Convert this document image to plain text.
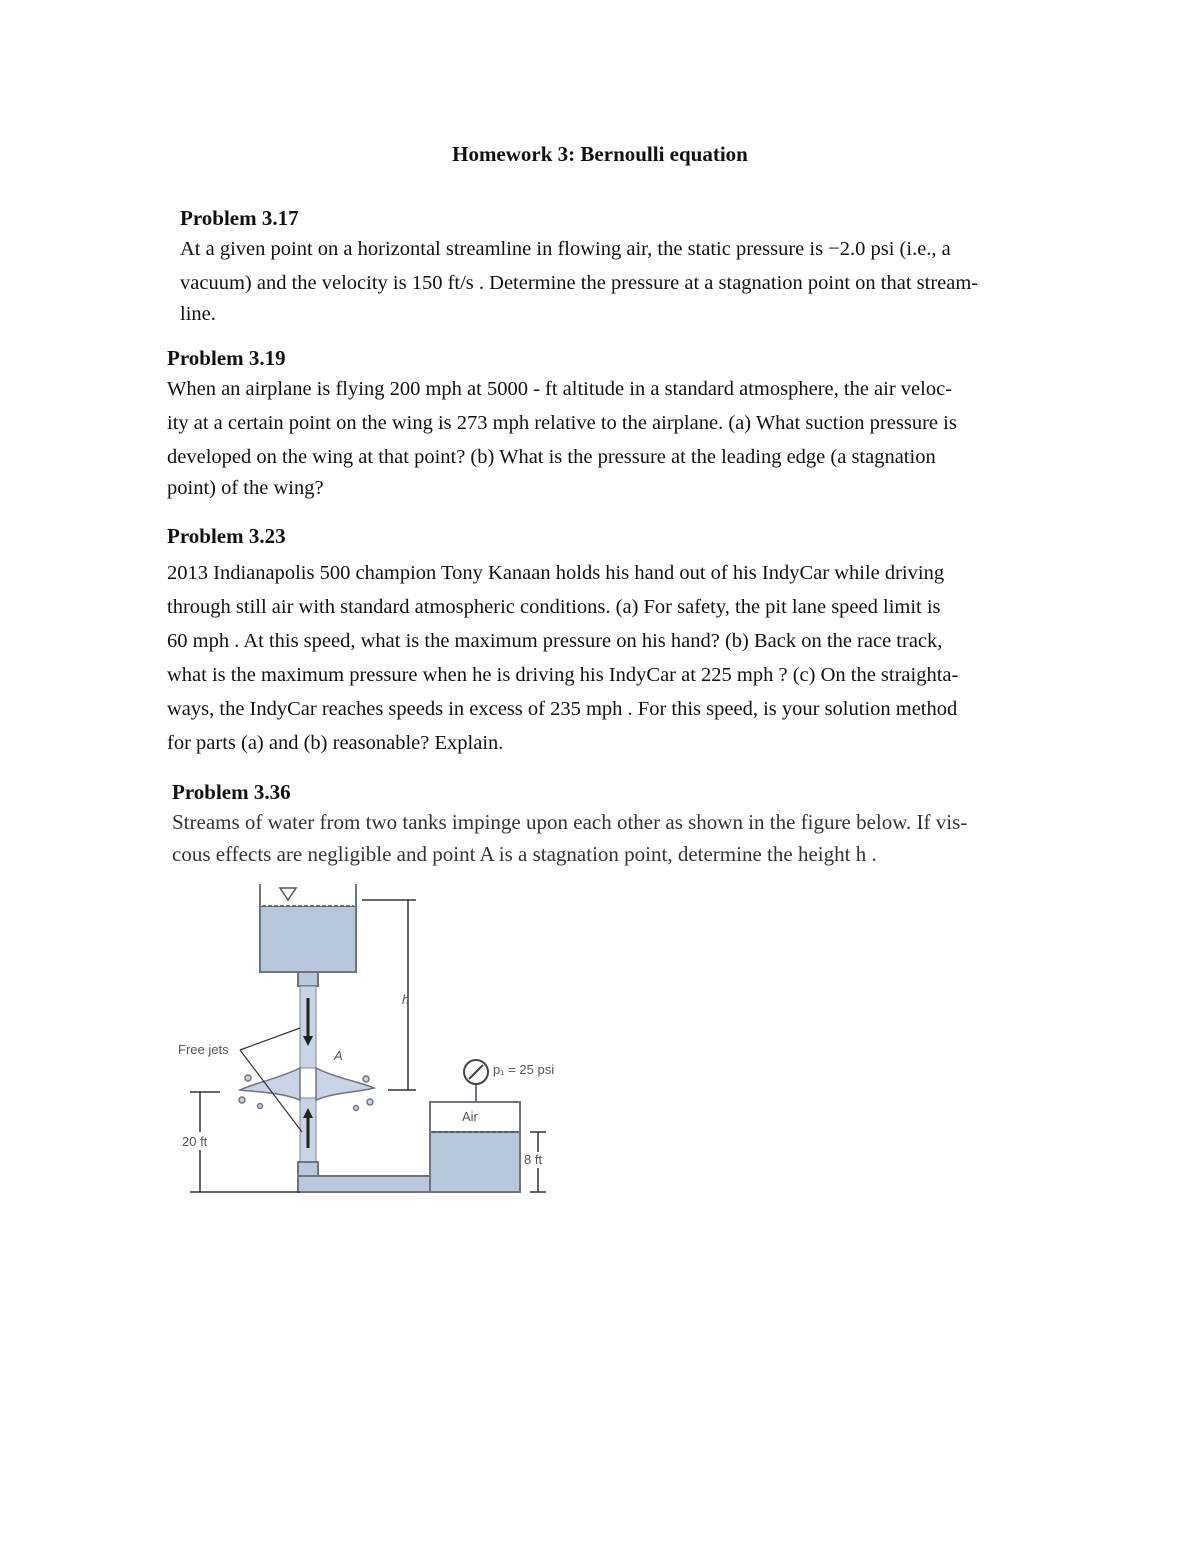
Homework 3: Bernoulli equation

Problem 3.17

At a given point on a horizontal streamline in flowing air, the static pressure is −2.0 psi (i.e., a

vacuum) and the velocity is 150 ft/s . Determine the pressure at a stagnation point on that stream-

line.

Problem 3.19

When an airplane is flying 200 mph at 5000 - ft altitude in a standard atmosphere, the air veloc-

ity at a certain point on the wing is 273 mph relative to the airplane. (a) What suction pressure is

developed on the wing at that point? (b) What is the pressure at the leading edge (a stagnation

point) of the wing?

Problem 3.23

2013 Indianapolis 500 champion Tony Kanaan holds his hand out of his IndyCar while driving

through still air with standard atmospheric conditions. (a) For safety, the pit lane speed limit is

60 mph . At this speed, what is the maximum pressure on his hand? (b) Back on the race track,

what is the maximum pressure when he is driving his IndyCar at 225 mph ? (c) On the straighta-

ways, the IndyCar reaches speeds in excess of 235 mph . For this speed, is your solution method

for parts (a) and (b) reasonable? Explain.

Problem 3.36

Streams of water from two tanks impinge upon each other as shown in the figure below. If vis-

cous effects are negligible and point A is a stagnation point, determine the height h .

Air
p₁ = 25 psi
h
A
Free jets
20 ft
8 ft
